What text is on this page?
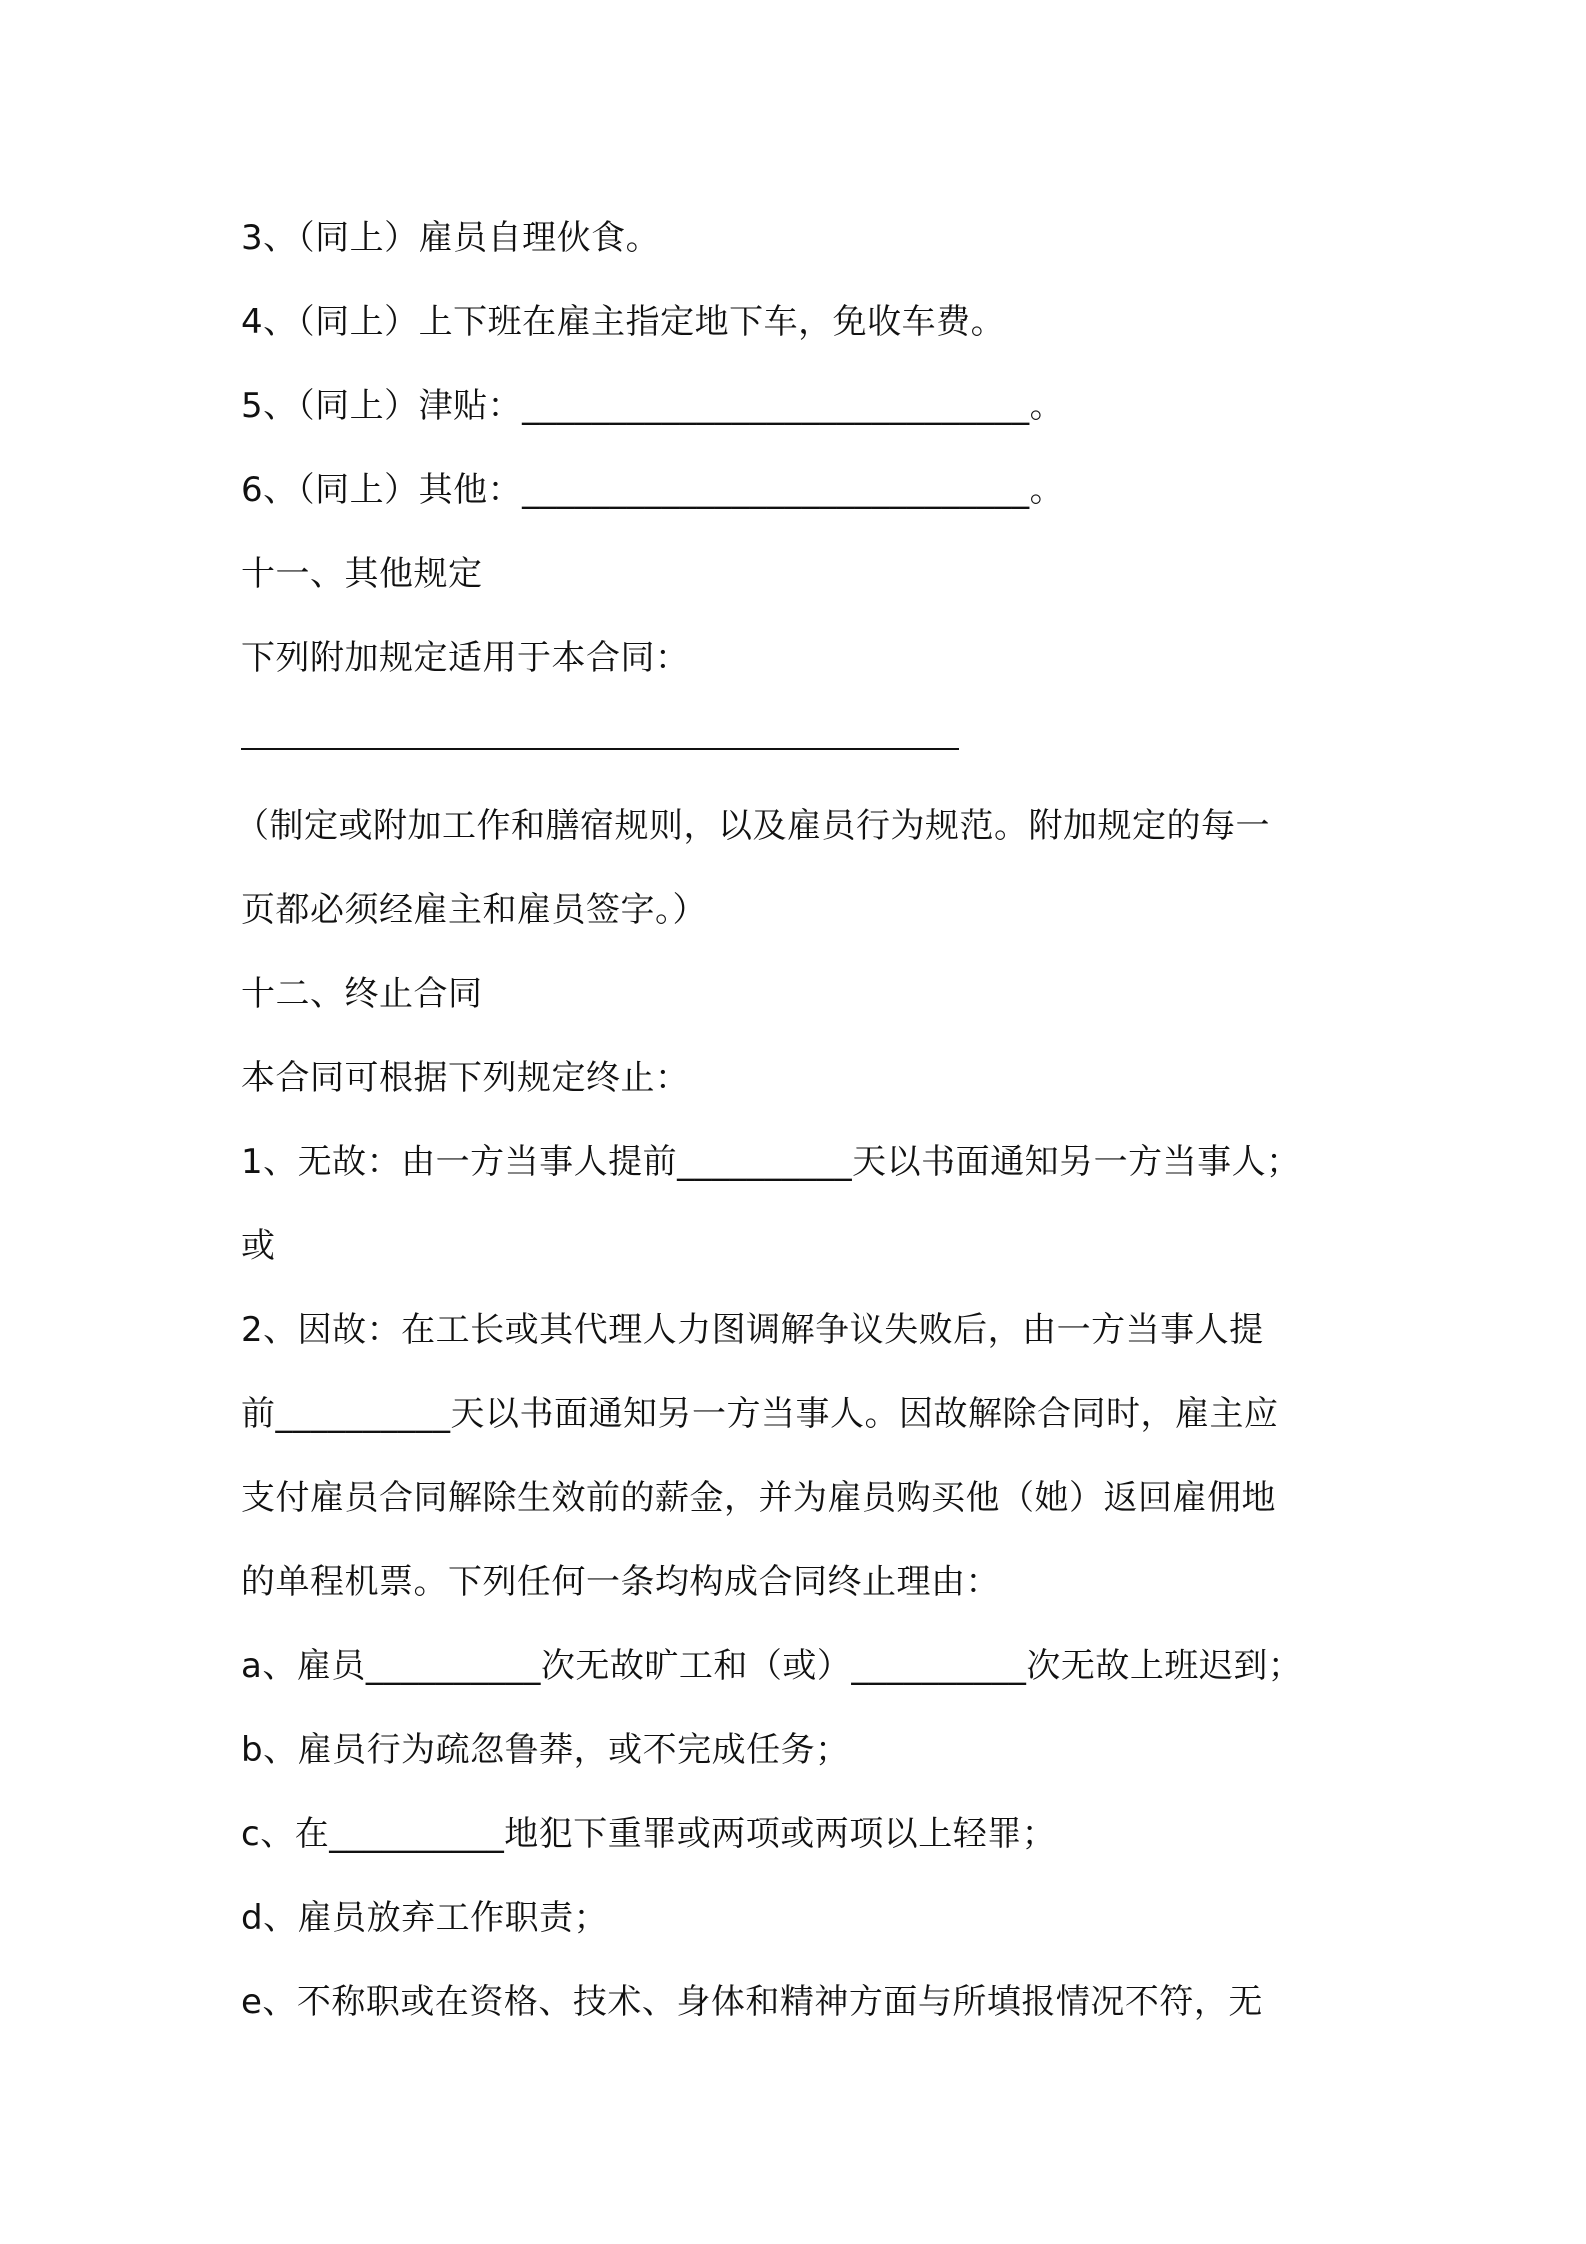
3、（同上）雇员自理伙食。
4、（同上）上下班在雇主指定地下车，免收车费。
5、（同上）津贴：_____________________________。
6、（同上）其他：_____________________________。
十一、其他规定
下列附加规定适用于本合同：
（制定或附加工作和膳宿规则，以及雇员行为规范。附加规定的每一
页都必须经雇主和雇员签字。）
十二、终止合同
本合同可根据下列规定终止：
1、无故：由一方当事人提前__________天以书面通知另一方当事人；
或
2、因故：在工长或其代理人力图调解争议失败后，由一方当事人提
前__________天以书面通知另一方当事人。因故解除合同时，雇主应
支付雇员合同解除生效前的薪金，并为雇员购买他（她）返回雇佣地
的单程机票。下列任何一条均构成合同终止理由：
a、雇员__________次无故旷工和（或）__________次无故上班迟到；
b、雇员行为疏忽鲁莽，或不完成任务；
c、在__________地犯下重罪或两项或两项以上轻罪；
d、雇员放弃工作职责；
e、不称职或在资格、技术、身体和精神方面与所填报情况不符，无
